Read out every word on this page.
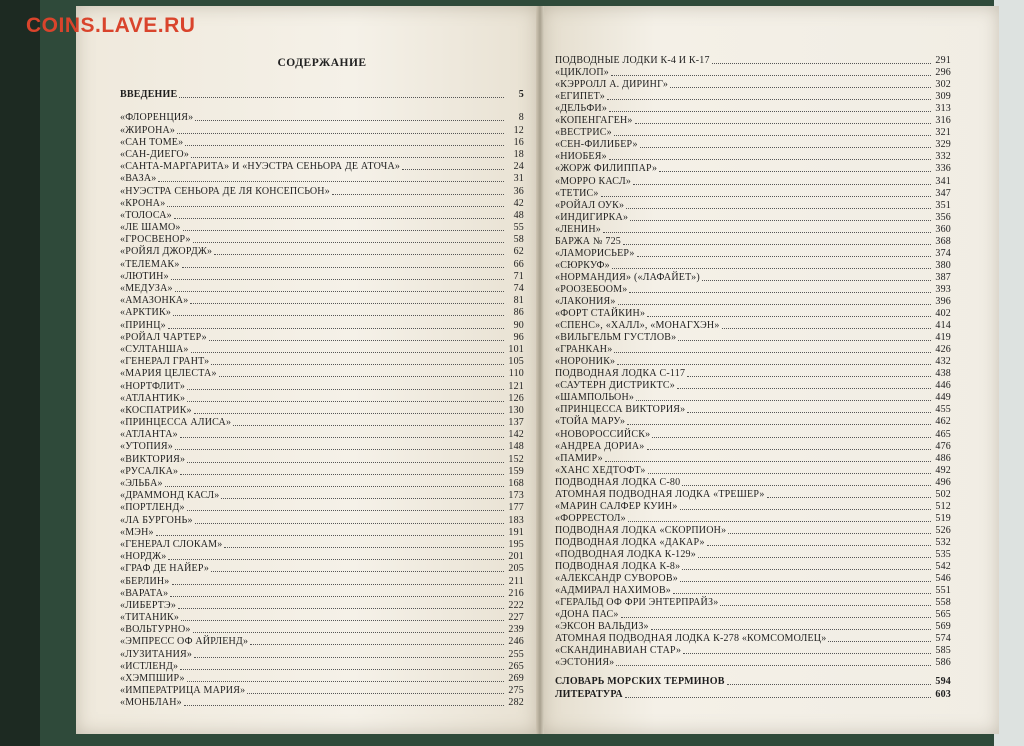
COINS.LAVE.RU
СОДЕРЖАНИЕ
ВВЕДЕНИЕ	5
«ФЛОРЕНЦИЯ»	8
«ЖИРОНА»	12
«САН ТОМЕ»	16
«САН-ДИЕГО»	18
«САНТА-МАРГАРИТА» И «НУЭСТРА СЕНЬОРА ДЕ АТОЧА»	24
«ВАЗА»	31
«НУЭСТРА СЕНЬОРА ДЕ ЛЯ КОНСЕПСЬОН»	36
«КРОНА»	42
«ТОЛОСА»	48
«ЛЕ ШАМО»	55
«ГРОСВЕНОР»	58
«РОЙЯЛ ДЖОРДЖ»	62
«ТЕЛЕМАК»	66
«ЛЮТИН»	71
«МЕДУЗА»	74
«АМАЗОНКА»	81
«АРКТИК»	86
«ПРИНЦ»	90
«РОЙАЛ ЧАРТЕР»	96
«СУЛТАНША»	101
«ГЕНЕРАЛ ГРАНТ»	105
«МАРИЯ ЦЕЛЕСТА»	110
«НОРТФЛИТ»	121
«АТЛАНТИК»	126
«КОСПАТРИК»	130
«ПРИНЦЕССА АЛИСА»	137
«АТЛАНТА»	142
«УТОПИЯ»	148
«ВИКТОРИЯ»	152
«РУСАЛКА»	159
«ЭЛЬБА»	168
«ДРАММОНД КАСЛ»	173
«ПОРТЛЕНД»	177
«ЛА БУРГОНЬ»	183
«МЭН»	191
«ГЕНЕРАЛ СЛОКАМ»	195
«НОРДЖ»	201
«ГРАФ ДЕ НАЙЕР»	205
«БЕРЛИН»	211
«ВАРАТА»	216
«ЛИБЕРТЭ»	222
«ТИТАНИК»	227
«ВОЛЬТУРНО»	239
«ЭМПРЕСС ОФ АЙРЛЕНД»	246
«ЛУЗИТАНИЯ»	255
«ИСТЛЕНД»	265
«ХЭМПШИР»	269
«ИМПЕРАТРИЦА МАРИЯ»	275
«МОНБЛАН»	282
ПОДВОДНЫЕ ЛОДКИ К-4 И К-17	291
«ЦИКЛОП»	296
«КЭРРОЛЛ А. ДИРИНГ»	302
«ЕГИПЕТ»	309
«ДЕЛЬФИ»	313
«КОПЕНГАГЕН»	316
«ВЕСТРИС»	321
«СЕН-ФИЛИБЕР»	329
«НИОБЕЯ»	332
«ЖОРЖ ФИЛИППАР»	336
«МОРРО КАСЛ»	341
«ТЕТИС»	347
«РОЙАЛ ОУК»	351
«ИНДИГИРКА»	356
«ЛЕНИН»	360
БАРЖА № 725	368
«ЛАМОРИСЬЕР»	374
«СЮРКУФ»	380
«НОРМАНДИЯ» («ЛАФАЙЕТ»)	387
«РООЗЕБООМ»	393
«ЛАКОНИЯ»	396
«ФОРТ СТАЙКИН»	402
«СПЕНС», «ХАЛЛ», «МОНАГХЭН»	414
«ВИЛЬГЕЛЬМ ГУСТЛОВ»	419
«ГРАНКАН»	426
«НОРОНИК»	432
ПОДВОДНАЯ ЛОДКА С-117	438
«САУТЕРН ДИСТРИКТС»	446
«ШАМПОЛЬОН»	449
«ПРИНЦЕССА ВИКТОРИЯ»	455
«ТОЙА МАРУ»	462
«НОВОРОССИЙСК»	465
«АНДРЕА ДОРИА»	476
«ПАМИР»	486
«ХАНС ХЕДТОФТ»	492
ПОДВОДНАЯ ЛОДКА С-80	496
АТОМНАЯ ПОДВОДНАЯ ЛОДКА «ТРЕШЕР»	502
«МАРИН САЛФЕР КУИН»	512
«ФОРРЕСТОЛ»	519
ПОДВОДНАЯ ЛОДКА «СКОРПИОН»	526
ПОДВОДНАЯ ЛОДКА «ДАКАР»	532
«ПОДВОДНАЯ ЛОДКА К-129»	535
ПОДВОДНАЯ ЛОДКА К-8»	542
«АЛЕКСАНДР СУВОРОВ»	546
«АДМИРАЛ НАХИМОВ»	551
«ГЕРАЛЬД ОФ ФРИ ЭНТЕРПРАЙЗ»	558
«ДОНА ПАС»	565
«ЭКСОН ВАЛЬДИЗ»	569
АТОМНАЯ ПОДВОДНАЯ ЛОДКА К-278 «КОМСОМОЛЕЦ»	574
«СКАНДИНАВИАН СТАР»	585
«ЭСТОНИЯ»	586
СЛОВАРЬ МОРСКИХ ТЕРМИНОВ	594
ЛИТЕРАТУРА	603
